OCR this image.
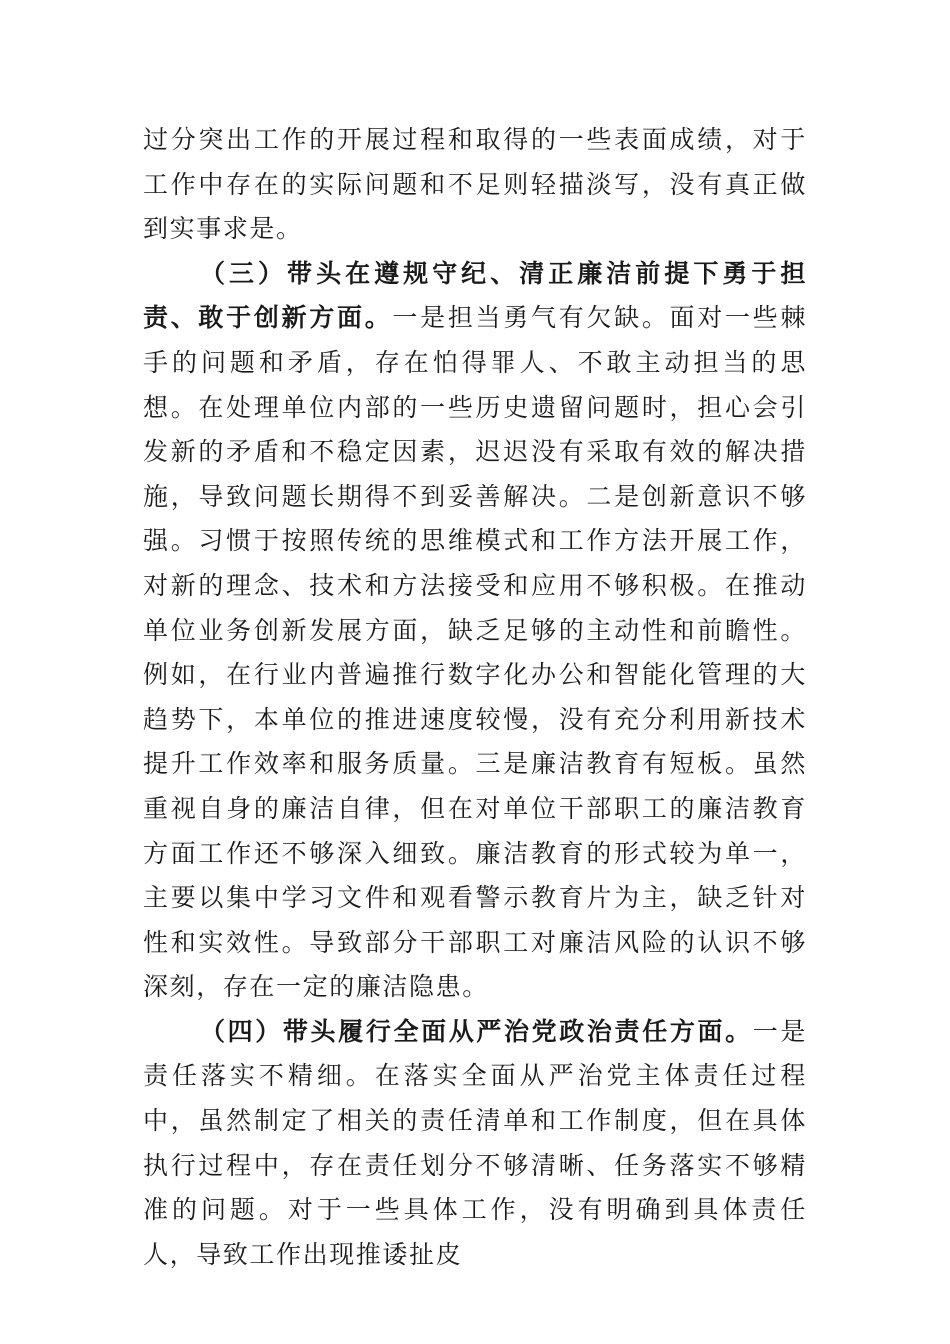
过分突出工作的开展过程和取得的一些表面成绩，对于工作中存在的实际问题和不足则轻描淡写，没有真正做到实事求是。

（三）带头在遵规守纪、清正廉洁前提下勇于担责、敢于创新方面。一是担当勇气有欠缺。面对一些棘手的问题和矛盾，存在怕得罪人、不敢主动担当的思想。在处理单位内部的一些历史遗留问题时，担心会引发新的矛盾和不稳定因素，迟迟没有采取有效的解决措施，导致问题长期得不到妥善解决。二是创新意识不够强。习惯于按照传统的思维模式和工作方法开展工作，对新的理念、技术和方法接受和应用不够积极。在推动单位业务创新发展方面，缺乏足够的主动性和前瞻性。例如，在行业内普遍推行数字化办公和智能化管理的大趋势下，本单位的推进速度较慢，没有充分利用新技术提升工作效率和服务质量。三是廉洁教育有短板。虽然重视自身的廉洁自律，但在对单位干部职工的廉洁教育方面工作还不够深入细致。廉洁教育的形式较为单一，主要以集中学习文件和观看警示教育片为主，缺乏针对性和实效性。导致部分干部职工对廉洁风险的认识不够深刻，存在一定的廉洁隐患。

（四）带头履行全面从严治党政治责任方面。一是责任落实不精细。在落实全面从严治党主体责任过程中，虽然制定了相关的责任清单和工作制度，但在具体执行过程中，存在责任划分不够清晰、任务落实不够精准的问题。对于一些具体工作，没有明确到具体责任人，导致工作出现推诿扯皮
